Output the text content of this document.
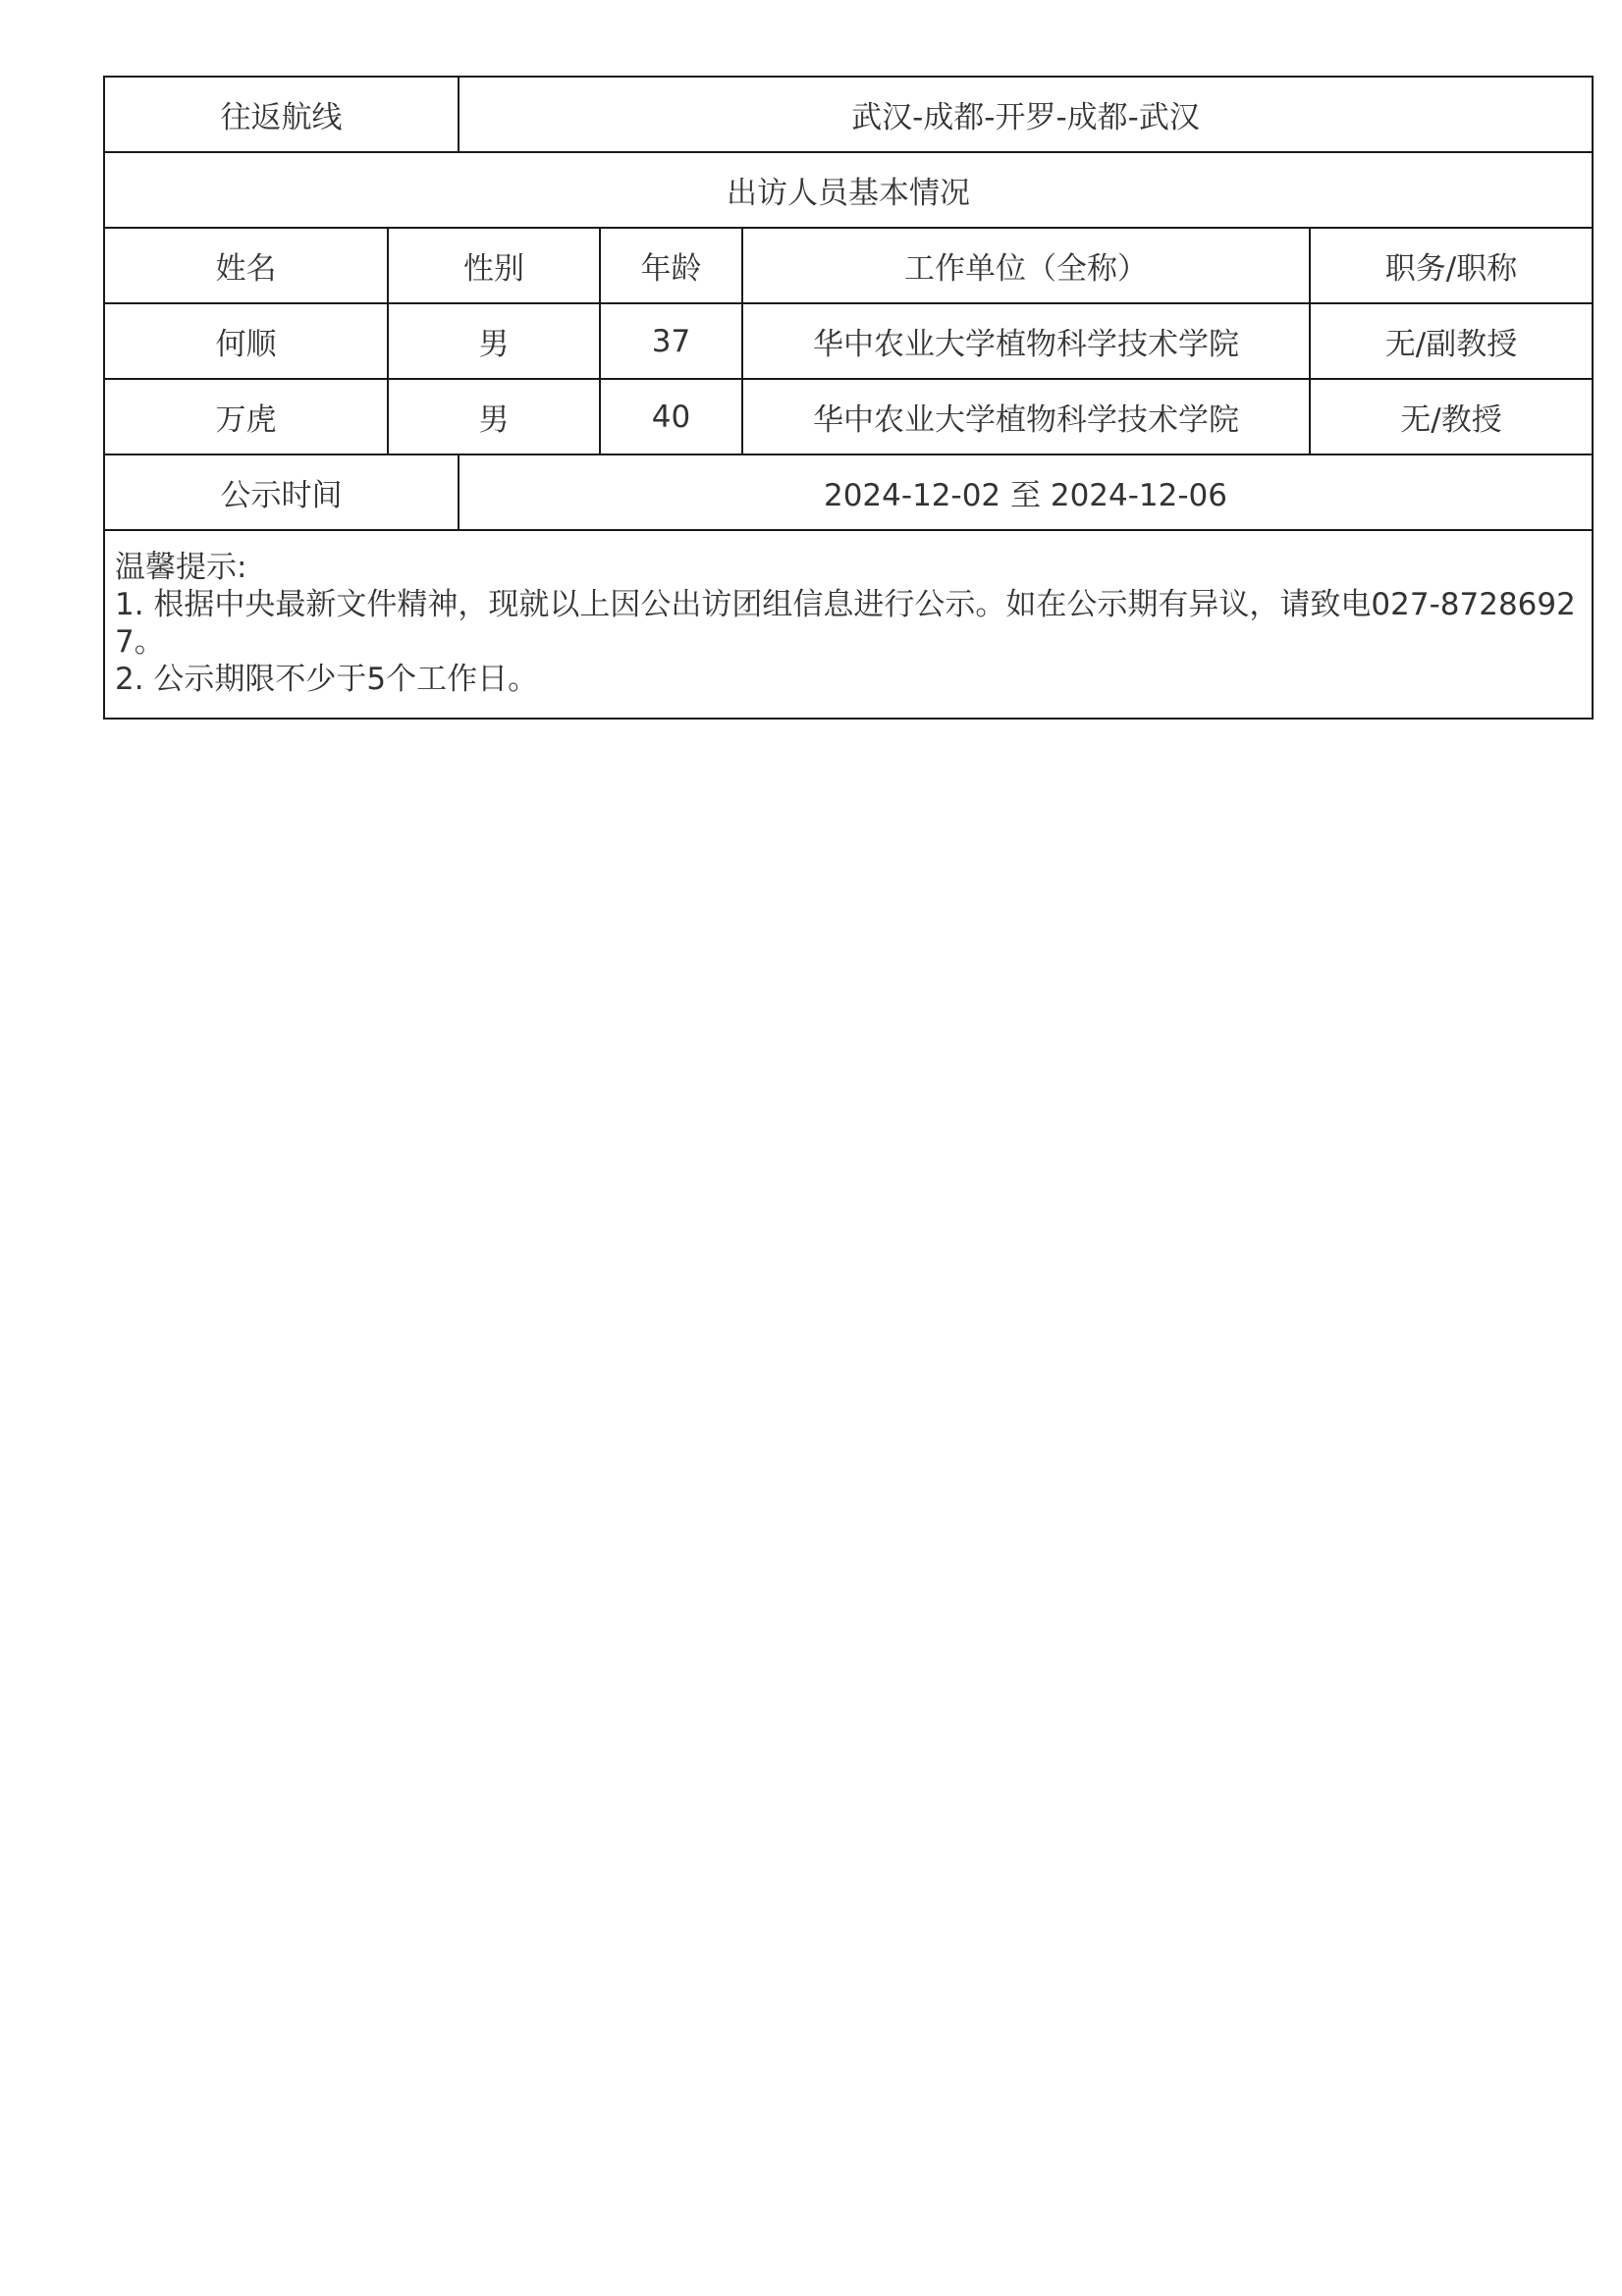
往返航线		武汉-成都-开罗-成都-武汉			
出访人员基本情况					
姓名	性别		年龄	工作单位（全称）	职务/职称
何顺	男		37	华中农业大学植物科学技术学院	无/副教授
万虎	男		40	华中农业大学植物科学技术学院	无/教授
公示时间		2024-12-02 至 2024-12-06			

温馨提示:
1. 根据中央最新文件精神，现就以上因公出访团组信息进行公示。如在公示期有异议，请致电027-87286927。
2. 公示期限不少于5个工作日。					
